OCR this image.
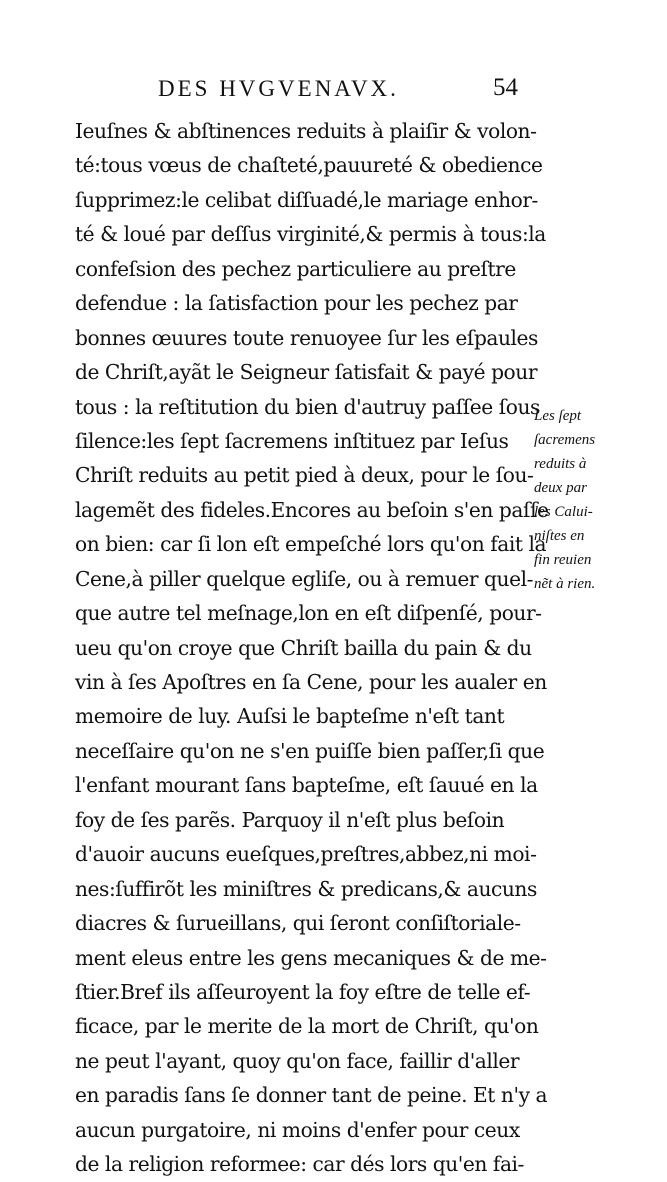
DES HVGVENAVX.	54
Ieuſnes & abſtinences reduits à plaiſir & volon-
té:tous vœus de chaſteté,pauureté & obedience
ſupprimez:le celibat diſſuadé,le mariage enhor-
té & loué par deſſus virginité,& permis à tous:la
confeſsion des pechez particuliere au preſtre
defendue : la ſatisfaction pour les pechez par
bonnes œuures toute renuoyee ſur les eſpaules
de Chriſt,ayãt le Seigneur ſatisfait & payé pour
tous : la reſtitution du bien d'autruy paſſee ſous
ſilence:les ſept ſacremens inſtituez par Ieſus
Chriſt reduits au petit pied à deux, pour le ſou-
lagemẽt des fideles.Encores au beſoin s'en paſſe
on bien: car ſi lon eſt empeſché lors qu'on fait la
Cene,à piller quelque egliſe, ou à remuer quel-
que autre tel meſnage,lon en eſt diſpenſé, pour-
ueu qu'on croye que Chriſt bailla du pain & du
vin à ſes Apoſtres en ſa Cene, pour les aualer en
memoire de luy. Auſsi le bapteſme n'eſt tant
neceſſaire qu'on ne s'en puiſſe bien paſſer,ſi que
l'enfant mourant ſans bapteſme, eſt ſauué en la
foy de ſes parẽs. Parquoy il n'eſt plus beſoin
d'auoir aucuns eueſques,preſtres,abbez,ni moi-
nes:ſuffirõt les miniſtres & predicans,& aucuns
diacres & ſurueillans, qui ſeront conſiſtoriale-
ment eleus entre les gens mecaniques & de me-
ſtier.Bref ils aſſeuroyent la foy eſtre de telle ef-
ficace, par le merite de la mort de Chriſt, qu'on
ne peut l'ayant, quoy qu'on face, faillir d'aller
en paradis ſans ſe donner tant de peine. Et n'y a
aucun purgatoire, ni moins d'enfer pour ceux
de la religion reformee: car dés lors qu'en fai-
Les ſept
ſacremens
reduits à
deux par
les Calui-
niſtes en
fin reuien
nẽt à rien.
